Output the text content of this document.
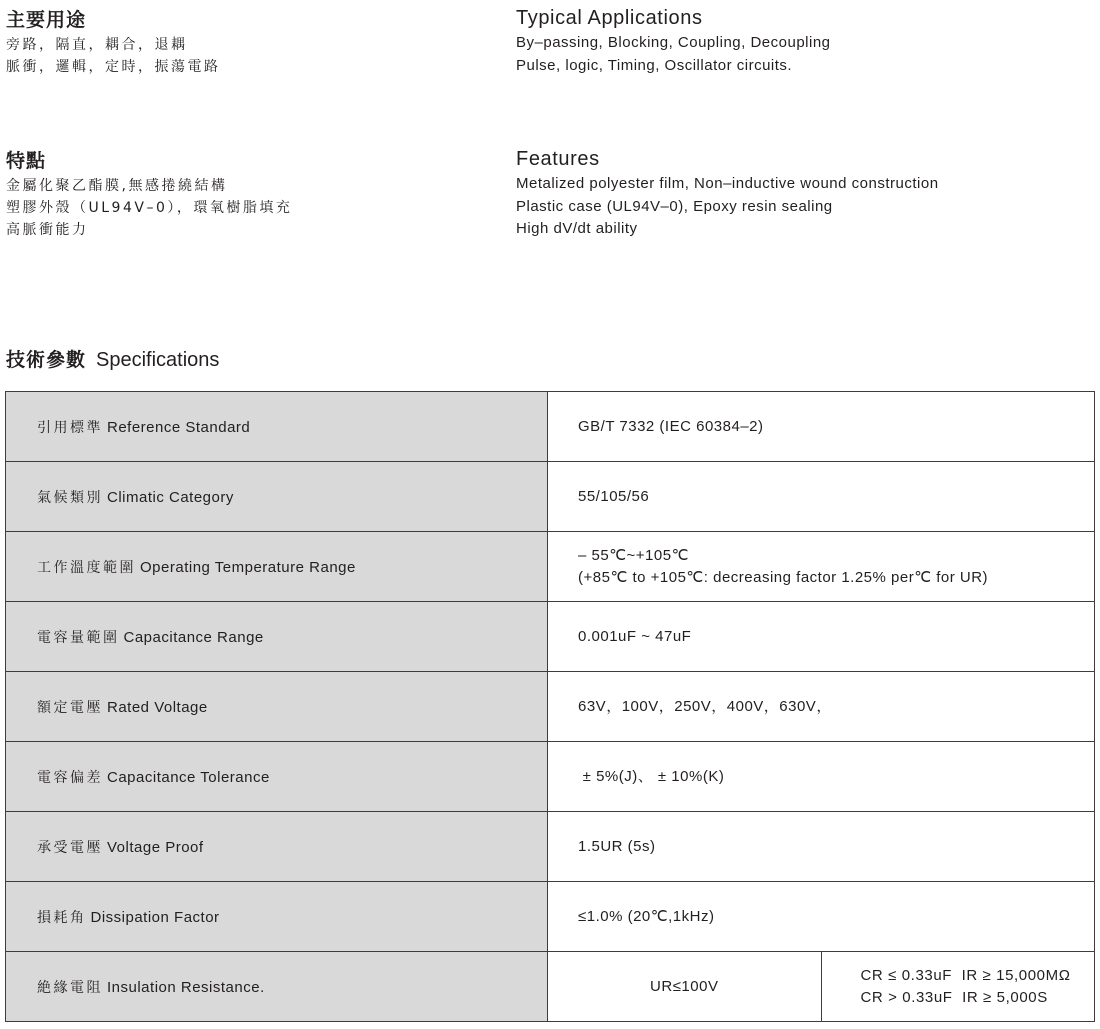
主要用途
旁路，隔直，耦合，退耦
脈衝，邏輯，定時，振蕩電路
Typical Applications
By–passing, Blocking, Coupling, Decoupling
Pulse, logic, Timing, Oscillator circuits.
特點
金屬化聚乙酯膜,無感捲繞結構
塑膠外殼（UL94V–0），環氧樹脂填充
高脈衝能力
Features
Metalized polyester film, Non–inductive wound construction
Plastic case (UL94V–0), Epoxy resin sealing
High dV/dt ability
技術參數 Specifications
引用標準 Reference Standard	GB/T 7332 (IEC 60384–2)	
氣候類別 Climatic Category	55/105/56	
工作溫度範圍 Operating Temperature Range	– 55℃~+105℃
(+85℃ to +105℃: decreasing factor 1.25% per℃ for UR)	

電容量範圍 Capacitance Range	0.001uF ~ 47uF	
額定電壓 Rated Voltage	63V，100V，250V，400V，630V，	
電容偏差 Capacitance Tolerance	± 5%(J)、 ± 10%(K)	
承受電壓 Voltage Proof	1.5UR (5s)	
損耗角 Dissipation Factor	≤1.0% (20℃,1kHz)	
絶緣電阻 Insulation Resistance.	UR≤100V	CR ≤ 0.33uF  IR ≥ 15,000MΩ
CR > 0.33uF  IR ≥ 5,000S
